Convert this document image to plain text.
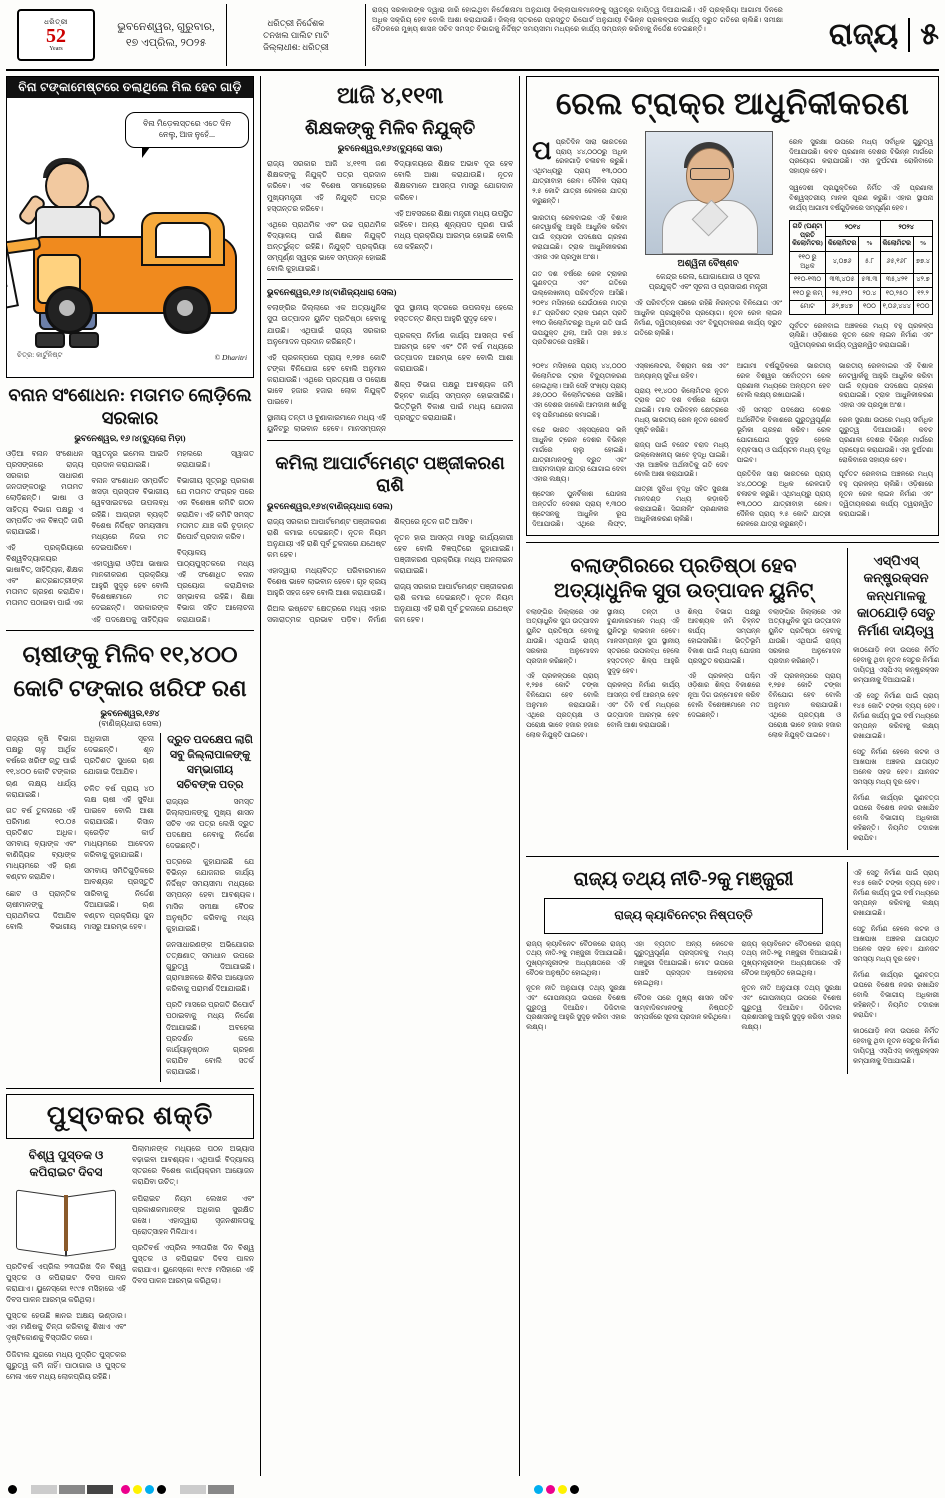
ଧରିତ୍ରୀ
52
Years
ଭୁବନେଶ୍ୱର, ଗୁରୁବାର,
୧୭ ଏପ୍ରିଲ, ୨୦୨୫
ଧରିତ୍ରୀ ନିର୍ଦ୍ଦେଶକ
ତନଖଲ ପାଲିଟ ମାଟି
ଜିଲ୍ଲାଧୀଶ: ଧରିତ୍ରୀ
ରାଜ୍ୟ ସରକାରଙ୍କ ଦ୍ୱାରା ଜାରି ହୋଇଥିବା ନିର୍ଦ୍ଦେଶନାମା ଅନୁଯାୟୀ ଜିଲ୍ଲାପାଳମାନଙ୍କୁ ସ୍ୱତନ୍ତ୍ର ଦାୟିତ୍ୱ ଦିଆଯାଇଛି। ଏହି ପ୍ରକ୍ରିୟା ଆଗାମୀ ଦିନରେ ଅଧିକ ସକ୍ରିୟ ହେବ ବୋଲି ଆଶା କରାଯାଉଛି। ଜିଲ୍ଲା ସ୍ତରରେ ପ୍ରସ୍ତୁତ ରିପୋର୍ଟ ଅନୁଯାୟୀ ବିଭିନ୍ନ ପ୍ରକଳ୍ପର କାର୍ଯ୍ୟ ଦ୍ରୁତ ଗତିରେ ଚାଲିଛି। ସମୀକ୍ଷା ବୈଠକରେ ମୁଖ୍ୟ ଶାସନ ସଚିବ ସମସ୍ତ ବିଭାଗକୁ ନିର୍ଦ୍ଦିଷ୍ଟ ସମୟସୀମା ମଧ୍ୟରେ କାର୍ଯ୍ୟ ସମ୍ପନ୍ନ କରିବାକୁ ନିର୍ଦ୍ଦେଶ ଦେଇଛନ୍ତି।	ରାଜ୍ୟ ୫
ବିନା ଟଙ୍କାମେଷ୍ଟରେ ତଲାଥିଲେ ମିଲ ହେବ ଗାଡ଼ି
ବିନା ମିଡ଼େଲସ୍ତରେ ଏତେ ଦିନ ନେଲୁ, ଆଜ ନୁହେଁ...
ଚିତ୍ର: କାର୍ଟୁନିଷ୍ଟ	© Dharitri
ବନାନ ସଂଶୋଧନ: ମତାମତ ଲୋଡ଼ିଲେ ସରକାର
ଭୁବନେଶ୍ୱର, ୧୬।୪(ବ୍ୟୁରୋ ମିଡ଼ା)

ଓଡ଼ିଆ ବନାନ ସଂଶୋଧନ ପ୍ରସଙ୍ଗରେ ରାଜ୍ୟ ସରକାର ସାଧାରଣ ଜନତାଙ୍କଠାରୁ ମତାମତ ଲୋଡ଼ିଛନ୍ତି। ଭାଷା ଓ ସାହିତ୍ୟ ବିଭାଗ ପକ୍ଷରୁ ଏ ସମ୍ପର୍କିତ ଏକ ବିଜ୍ଞପ୍ତି ଜାରି କରାଯାଇଛି।

ଏହି ପ୍ରକ୍ରିୟାରେ ବିଶ୍ୱବିଦ୍ୟାଳୟର ଭାଷାବିତ୍‌, ସାହିତ୍ୟିକ, ଶିକ୍ଷକ ଏବଂ ଛାତ୍ରଛାତ୍ରୀଙ୍କ ମତାମତ ଗ୍ରହଣ କରାଯିବ। ମତାମତ ପଠାଇବା ପାଇଁ ଏକ ସ୍ୱତନ୍ତ୍ର ଇମେଲ ଆଇଡି ପ୍ରଦାନ କରାଯାଇଛି।

ବନାନ ସଂଶୋଧନ ସମ୍ପର୍କିତ ଖସଡ଼ା ପ୍ରସ୍ତାବ ବିଭାଗୀୟ ୱେବସାଇଟରେ ଉପଲବ୍ଧ ରହିଛି। ଆଗ୍ରହୀ ବ୍ୟକ୍ତି ବିଶେଷ ନିର୍ଦ୍ଦିଷ୍ଟ ସମୟସୀମା ମଧ୍ୟରେ ନିଜର ମତ ଦେଇପାରିବେ।

ଏହାଦ୍ୱାରା ଓଡ଼ିଆ ଭାଷାର ମାନକୀକରଣ ପ୍ରକ୍ରିୟା ଆହୁରି ସୁଦୃଢ଼ ହେବ ବୋଲି ବିଶେଷଜ୍ଞମାନେ ମତ ଦେଇଛନ୍ତି। ସରକାରଙ୍କ ଏହି ପଦକ୍ଷେପକୁ ସାହିତ୍ୟିକ ମହଲରେ ସ୍ୱାଗତ କରାଯାଇଛି।

ବିଭାଗୀୟ ସୂତ୍ରରୁ ପ୍ରକାଶ ଯେ ମତାମତ ସଂଗ୍ରହ ପରେ ଏକ ବିଶେଷଜ୍ଞ କମିଟି ଗଠନ କରାଯିବ। ଏହି କମିଟି ସମସ୍ତ ମତାମତ ଯାଞ୍ଚ କରି ଚୂଡ଼ାନ୍ତ ରିପୋର୍ଟ ପ୍ରଦାନ କରିବ।

ବିଦ୍ୟାଳୟ ପାଠ୍ୟପୁସ୍ତକରେ ମଧ୍ୟ ଏହି ସଂଶୋଧିତ ବନାନ ପ୍ରୟୋଗ କରାଯିବାର ସମ୍ଭାବନା ରହିଛି। ଶିକ୍ଷା ବିଭାଗ ସହିତ ଆଲୋଚନା କରାଯାଉଛି।

ଚାଷୀଙ୍କୁ ମିଳିବ ୧୧,୪୦୦
କୋଟି ଟଙ୍କାର ଖରିଫ ରଣ
ଭୁବନେଶ୍ୱର,୧୬୪
(ବାଣିଜ୍ୟଧାରା ସେଲ)

ରାଜ୍ୟର କୃଷି ବିଭାଗ ପକ୍ଷରୁ ଚାଳୁ ଆର୍ଥିକ ବର୍ଷରେ ଖରିଫ ଋତୁ ପାଇଁ ୧୧,୪୦୦ କୋଟି ଟଙ୍କାର ଋଣ ଲକ୍ଷ୍ୟ ଧାର୍ଯ୍ୟ କରାଯାଇଛି।

ଗତ ବର୍ଷ ତୁଳନାରେ ଏହି ପରିମାଣ ୧୦.୦୫ ପ୍ରତିଶତ ଅଧିକ। ସମବାୟ ବ୍ୟାଙ୍କ ଏବଂ ବାଣିଜ୍ୟିକ ବ୍ୟାଙ୍କ ମାଧ୍ୟମରେ ଏହି ଋଣ ବଣ୍ଟନ କରାଯିବ।

ଛୋଟ ଓ ପ୍ରାନ୍ତିକ ଚାଷୀମାନଙ୍କୁ ପ୍ରାଥମିକତା ଦିଆଯିବ ବୋଲି ବିଭାଗୀୟ ଅଧିକାରୀ ସୂଚନା ଦେଇଛନ୍ତି। ଶୂନ ପ୍ରତିଶତ ସୁଧରେ ଋଣ ଯୋଗାଇ ଦିଆଯିବ।

ଚଳିତ ବର୍ଷ ପ୍ରାୟ ୪୦ ଲକ୍ଷ ଚାଷୀ ଏହି ସୁବିଧା ପାଇବେ ବୋଲି ଆଶା କରାଯାଉଛି। କିସାନ କ୍ରେଡ଼ିଟ କାର୍ଡ ମାଧ୍ୟମରେ ଆବେଦନ କରିବାକୁ କୁହାଯାଇଛି।

ସମବାୟ ସମିତିଗୁଡ଼ିକରେ ଆବଶ୍ୟକ ପ୍ରସ୍ତୁତି ସାରିବାକୁ ନିର୍ଦ୍ଦେଶ ଦିଆଯାଇଛି। ଋଣ ବଣ୍ଟନ ପ୍ରକ୍ରିୟା ଜୁନ ମାସରୁ ଆରମ୍ଭ ହେବ।

ଦ୍ରୁତ ପଦକ୍ଷେପ ଲାଗି ସବୁ ଜିଲ୍ଲାପାଳଙ୍କୁ ସମ୍ଭାଗୀୟ ସଚିବଙ୍କ ପତ୍ର

ରାଜ୍ୟର ସମସ୍ତ ଜିଲ୍ଲାପାଳଙ୍କୁ ମୁଖ୍ୟ ଶାସନ ସଚିବ ଏକ ପତ୍ର ଲେଖି ଦ୍ରୁତ ପଦକ୍ଷେପ ନେବାକୁ ନିର୍ଦ୍ଦେଶ ଦେଇଛନ୍ତି।

ପତ୍ରରେ କୁହାଯାଇଛି ଯେ ବିଭିନ୍ନ ଯୋଜନାର କାର୍ଯ୍ୟ ନିର୍ଦ୍ଦିଷ୍ଟ ସମୟସୀମା ମଧ୍ୟରେ ସମ୍ପନ୍ନ ହେବା ଆବଶ୍ୟକ। ମାସିକ ସମୀକ୍ଷା ବୈଠକ ଅନୁଷ୍ଠିତ କରିବାକୁ ମଧ୍ୟ କୁହାଯାଇଛି।

ଜନସାଧାରଣଙ୍କ ଅଭିଯୋଗର ତତ୍‌କ୍ଷଣାତ୍ ସମାଧାନ ଉପରେ ଗୁରୁତ୍ୱ ଦିଆଯାଇଛି। ଗ୍ରାମାଞ୍ଚଳରେ ଶିବିର ଆୟୋଜନ କରିବାକୁ ପରାମର୍ଶ ଦିଆଯାଇଛି।

ପ୍ରତି ମାସରେ ପ୍ରଗତି ରିପୋର୍ଟ ପଠାଇବାକୁ ମଧ୍ୟ ନିର୍ଦ୍ଦେଶ ଦିଆଯାଇଛି। ଅବହେଳା ପ୍ରଦର୍ଶନ କଲେ କାର୍ଯ୍ୟାନୁଷ୍ଠାନ ଗ୍ରହଣ କରାଯିବ ବୋଲି ସତର୍କ କରାଯାଇଛି।

ପୁସ୍ତକର ଶକ୍ତି
ବିଶ୍ୱ ପୁସ୍ତକ ଓ କପିରାଇଟ ଦିବସ

ପ୍ରତିବର୍ଷ ଏପ୍ରିଲ ୨୩ତାରିଖ ଦିନ ବିଶ୍ୱ ପୁସ୍ତକ ଓ କପିରାଇଟ ଦିବସ ପାଳନ କରାଯାଏ। ୟୁନେସ୍କୋ ୧୯୯୫ ମସିହାରେ ଏହି ଦିବସ ପାଳନ ଆରମ୍ଭ କରିଥିଲା।

ପୁସ୍ତକ ହେଉଛି ଜ୍ଞାନର ଅକ୍ଷୟ ଭଣ୍ଡାର। ଏହା ମଣିଷକୁ ଚିନ୍ତା କରିବାକୁ ଶିଖାଏ ଏବଂ ଦୃଷ୍ଟିକୋଣକୁ ବିସ୍ତାରିତ କରେ।

ଡିଜିଟାଲ ଯୁଗରେ ମଧ୍ୟ ମୁଦ୍ରିତ ପୁସ୍ତକର ଗୁରୁତ୍ୱ କମି ନାହିଁ। ପାଠାଗାର ଓ ପୁସ୍ତକ ମେଳା ଏବେ ମଧ୍ୟ ଲୋକପ୍ରିୟ ରହିଛି।

ପିଲାମାନଙ୍କ ମଧ୍ୟରେ ପଠନ ଅଭ୍ୟାସ ବଢ଼ାଇବା ଆବଶ୍ୟକ। ଏଥିପାଇଁ ବିଦ୍ୟାଳୟ ସ୍ତରରେ ବିଶେଷ କାର୍ଯ୍ୟକ୍ରମ ଆୟୋଜନ କରାଯିବା ଉଚିତ୍।

କପିରାଇଟ ନିୟମ ଲେଖକ ଏବଂ ପ୍ରକାଶକମାନଙ୍କ ଅଧିକାର ସୁରକ୍ଷିତ ରଖେ। ଏହାଦ୍ୱାରା ସୃଜନଶୀଳତାକୁ ପ୍ରୋତ୍ସାହନ ମିଳିଥାଏ।

ପ୍ରତିବର୍ଷ ଏପ୍ରିଲ ୨୩ତାରିଖ ଦିନ ବିଶ୍ୱ ପୁସ୍ତକ ଓ କପିରାଇଟ ଦିବସ ପାଳନ କରାଯାଏ। ୟୁନେସ୍କୋ ୧୯୯୫ ମସିହାରେ ଏହି ଦିବସ ପାଳନ ଆରମ୍ଭ କରିଥିଲା।

ଆଜି ୪,୧୧୩
ଶିକ୍ଷକଙ୍କୁ ମିଳିବ ନିଯୁକ୍ତି
ଭୁବନେଶ୍ୱର,୧୬୪(ବ୍ୟୁରୋ ସାର)

ରାଜ୍ୟ ସରକାର ଆଜି ୪,୧୧୩ ଜଣ ଶିକ୍ଷକଙ୍କୁ ନିଯୁକ୍ତି ପତ୍ର ପ୍ରଦାନ କରିବେ। ଏକ ବିଶେଷ ସମାରୋହରେ ମୁଖ୍ୟମନ୍ତ୍ରୀ ଏହି ନିଯୁକ୍ତି ପତ୍ର ହସ୍ତାନ୍ତର କରିବେ।

ଏଥିରେ ପ୍ରାଥମିକ ଏବଂ ଉଚ୍ଚ ପ୍ରାଥମିକ ବିଦ୍ୟାଳୟ ପାଇଁ ଶିକ୍ଷକ ନିଯୁକ୍ତି ଅନ୍ତର୍ଭୁକ୍ତ ରହିଛି। ନିଯୁକ୍ତି ପ୍ରକ୍ରିୟା ସମ୍ପୂର୍ଣ୍ଣ ସ୍ୱଚ୍ଛ ଭାବେ ସମ୍ପନ୍ନ ହୋଇଛି ବୋଲି କୁହାଯାଇଛି।

ବିଦ୍ୟାଳୟରେ ଶିକ୍ଷକ ଅଭାବ ଦୂର ହେବ ବୋଲି ଆଶା କରାଯାଉଛି। ନୂତନ ଶିକ୍ଷକମାନେ ଆସନ୍ତା ମାସରୁ ଯୋଗଦାନ କରିବେ।

ଏହି ଅବସରରେ ଶିକ୍ଷା ମନ୍ତ୍ରୀ ମଧ୍ୟ ଉପସ୍ଥିତ ରହିବେ। ଅନ୍ୟ ଶୂନ୍ୟପଦ ପୂରଣ ପାଇଁ ମଧ୍ୟ ପ୍ରକ୍ରିୟା ଆରମ୍ଭ ହୋଇଛି ବୋଲି ସେ କହିଛନ୍ତି।

ଭୁବନେଶ୍ୱର,୧୬।୪(ବାଣିଜ୍ୟଧାରା ସେଲ)

ବଲାଙ୍ଗିର ଜିଲ୍ଲାରେ ଏକ ଅତ୍ୟାଧୁନିକ ସୁତା ଉତ୍ପାଦନ ୟୁନିଟ ପ୍ରତିଷ୍ଠା ହେବାକୁ ଯାଉଛି। ଏଥିପାଇଁ ରାଜ୍ୟ ସରକାର ଅନୁମୋଦନ ପ୍ରଦାନ କରିଛନ୍ତି।

ଏହି ପ୍ରକଳ୍ପରେ ପ୍ରାୟ ୧,୨୭୫ କୋଟି ଟଙ୍କା ବିନିଯୋଗ ହେବ ବୋଲି ଅନୁମାନ କରାଯାଉଛି। ଏଥିରେ ପ୍ରତ୍ୟକ୍ଷ ଓ ପରୋକ୍ଷ ଭାବେ ହଜାର ହଜାର ଲୋକ ନିଯୁକ୍ତି ପାଇବେ।

ସ୍ଥାନୀୟ ତନ୍ତୀ ଓ ବୁଣାକାରମାନେ ମଧ୍ୟ ଏହି ୟୁନିଟରୁ ଲାଭବାନ ହେବେ। ମାନସମ୍ପନ୍ନ ସୁତା ସ୍ଥାନୀୟ ସ୍ତରରେ ଉପଲବ୍ଧ ହେଲେ ହସ୍ତତନ୍ତ ଶିଳ୍ପ ଆହୁରି ସୁଦୃଢ଼ ହେବ।

ପ୍ରକଳ୍ପ ନିର୍ମାଣ କାର୍ଯ୍ୟ ଆସନ୍ତା ବର୍ଷ ଆରମ୍ଭ ହେବ ଏବଂ ତିନି ବର୍ଷ ମଧ୍ୟରେ ଉତ୍ପାଦନ ଆରମ୍ଭ ହେବ ବୋଲି ଆଶା କରାଯାଉଛି।

ଶିଳ୍ପ ବିଭାଗ ପକ୍ଷରୁ ଆବଶ୍ୟକ ଜମି ଚିହ୍ନଟ କାର୍ଯ୍ୟ ସମ୍ପନ୍ନ ହୋଇସାରିଛି। ଭିତ୍ତିଭୂମି ବିକାଶ ପାଇଁ ମଧ୍ୟ ଯୋଜନା ପ୍ରସ୍ତୁତ କରାଯାଇଛି।

କମିଲା ଆପାର୍ଟମେଣ୍ଟ ପଞ୍ଜୀକରଣ ରାଶି
ଭୁବନେଶ୍ୱର,୧୬୪(ବାଣିଜ୍ୟଧାରା ସେଲ)

ରାଜ୍ୟ ସରକାର ଆପାର୍ଟମେଣ୍ଟ ପଞ୍ଜୀକରଣ ରାଶି କମାଇ ଦେଇଛନ୍ତି। ନୂତନ ନିୟମ ଅନୁଯାୟୀ ଏହି ରାଶି ପୂର୍ବ ତୁଳନାରେ ଯଥେଷ୍ଟ କମ ହେବ।

ଏହାଦ୍ୱାରା ମଧ୍ୟବିତ୍ତ ପରିବାରମାନେ ବିଶେଷ ଭାବେ ଲାଭବାନ ହେବେ। ଗୃହ କ୍ରୟ ଆହୁରି ସହଜ ହେବ ବୋଲି ଆଶା କରାଯାଉଛି।

ରିଅଲ ଇଷ୍ଟେଟ କ୍ଷେତ୍ରରେ ମଧ୍ୟ ଏହାର ସକାରାତ୍ମକ ପ୍ରଭାବ ପଡ଼ିବ। ନିର୍ମାଣ ଶିଳ୍ପରେ ନୂତନ ଗତି ଆସିବ।

ନୂତନ ହାର ଆସନ୍ତା ମାସରୁ କାର୍ଯ୍ୟକାରୀ ହେବ ବୋଲି ବିଜ୍ଞପ୍ତିରେ କୁହାଯାଇଛି। ପଞ୍ଜୀକରଣ ପ୍ରକ୍ରିୟା ମଧ୍ୟ ଅନଲାଇନ କରାଯାଇଛି।

ରାଜ୍ୟ ସରକାର ଆପାର୍ଟମେଣ୍ଟ ପଞ୍ଜୀକରଣ ରାଶି କମାଇ ଦେଇଛନ୍ତି। ନୂତନ ନିୟମ ଅନୁଯାୟୀ ଏହି ରାଶି ପୂର୍ବ ତୁଳନାରେ ଯଥେଷ୍ଟ କମ ହେବ।

ରେଲ ଟ୍ରାକ୍‌ର ଆଧୁନିକୀକରଣ

ପପ୍ରତିଦିନ ସାରା ଭାରତରେ ପ୍ରାୟ ୪୪,୦୦୦ରୁ ଅଧିକ ରେଳଗାଡ଼ି ଚଳାଚଳ କରୁଛି। ଏଥିମଧ୍ୟରୁ ପ୍ରାୟ ୧୩,୦୦୦ ଯାତ୍ରୀବାହୀ ରେଳ। ଦୈନିକ ପ୍ରାୟ ୨.୫ କୋଟି ଯାତ୍ରୀ ରେଳରେ ଯାତ୍ରା କରୁଛନ୍ତି।

ଭାରତୀୟ ରେଳବାଇର ଏହି ବିଶାଳ ନେଟୱାର୍କକୁ ଆହୁରି ଆଧୁନିକ କରିବା ପାଇଁ ବ୍ୟାପକ ପଦକ୍ଷେପ ଗ୍ରହଣ କରାଯାଇଛି। ଟ୍ରାକ ଆଧୁନିକୀକରଣ ଏହାର ଏକ ପ୍ରମୁଖ ଅଂଶ।

ଗତ ଦଶ ବର୍ଷରେ ରେଳ ଟ୍ରାକର ଗୁଣବତ୍ତା ଏବଂ ଗତିରେ ଉଲ୍ଲେଖନୀୟ ପରିବର୍ତ୍ତନ ଆସିଛି। ୨୦୧୪ ମସିହାରେ ଯେଉଁଠାରେ ମାତ୍ର ୫.୮ ପ୍ରତିଶତ ଟ୍ରାକ ଘଣ୍ଟା ପ୍ରତି ୧୩୦ କିଲୋମିଟରରୁ ଅଧିକ ଗତି ପାଇଁ ଉପଯୁକ୍ତ ଥିଲା, ଆଜି ତାହା ୭୭.୪ ପ୍ରତିଶତରେ ପହଞ୍ଚିଛି।

ଅଶ୍ୱିନୀ ବୈଷ୍ଣବ
କେନ୍ଦ୍ର ରେଲ, ଯୋଗାଯୋଗ ଓ ସୂଚନା ପ୍ରଯୁକ୍ତି ଏବଂ ସୂଚନା ଓ ପ୍ରସାରଣ ମନ୍ତ୍ରୀ

ଏହି ପରିବର୍ତ୍ତନ ପଛରେ ରହିଛି ନିରନ୍ତର ବିନିଯୋଗ ଏବଂ ଆଧୁନିକ ପ୍ରଯୁକ୍ତିର ପ୍ରୟୋଗ। ନୂତନ ରେଳ ଲାଇନ ନିର୍ମାଣ, ଦ୍ୱିତୀୟକରଣ ଏବଂ ବିଦ୍ୟୁତୀକରଣ କାର୍ଯ୍ୟ ଦ୍ରୁତ ଗତିରେ ଚାଲିଛି।

ରେଳ ସୁରକ୍ଷା ଉପରେ ମଧ୍ୟ ସର୍ବାଧିକ ଗୁରୁତ୍ୱ ଦିଆଯାଉଛି। କବଚ ପ୍ରଣାଳୀ ଦେଶର ବିଭିନ୍ନ ମାର୍ଗରେ ପ୍ରୟୋଗ କରାଯାଉଛି। ଏହା ଦୁର୍ଘଟଣା ରୋକିବାରେ ସହାୟକ ହେବ।

ସ୍ୱଦେଶୀ ପ୍ରଯୁକ୍ତିରେ ନିର୍ମିତ ଏହି ପ୍ରଣାଳୀ ବିଶ୍ୱସ୍ତରୀୟ ମାନକ ପୂରଣ କରୁଛି। ଏହାର ସ୍ଥାପନା କାର୍ଯ୍ୟ ଆଗାମୀ ବର୍ଷଗୁଡ଼ିକରେ ସମ୍ପୂର୍ଣ୍ଣ ହେବ।

ଗତି (ଘଣ୍ଟା ପ୍ରତି କିଲୋମିଟର)	୨୦୧୪		୨୦୨୪	
	କିଲୋମିଟର	%	କିଲୋମିଟର	%
୧୧୦ ରୁ ଅଧିକ	୪,୦୭୬	୫.୮	୬୫,୧୬୮	୭୭.୪
୧୧୦-୧୩୦	୩୩,୪୦୫	୫୩.୩	୩୫,୪୨୧	୪୨.୭
୧୧୦ ରୁ କମ୍	୨୫,୧୨୦	୨୦.୪	୧୦,୨୫୦	୧୨.୨
ମୋଟ	୬୨,୭୪୭	୧୦୦	୧,୦୬,୪୪୪	୧୦୦

ପୂର୍ବତଟ ରେଳବାଇ ଅଞ୍ଚଳରେ ମଧ୍ୟ ବହୁ ପ୍ରକଳ୍ପ ଚାଲିଛି। ଓଡ଼ିଶାରେ ନୂତନ ରେଳ ଲାଇନ ନିର୍ମାଣ ଏବଂ ଦ୍ୱିତୀୟକରଣ କାର୍ଯ୍ୟ ତ୍ୱରାନ୍ୱିତ କରାଯାଇଛି।

୨୦୧୪ ମସିହାରେ ପ୍ରାୟ ୪୪,୦୦୦ କିଲୋମିଟର ଟ୍ରାକ ବିଦ୍ୟୁତୀକରଣ ହୋଇଥିଲା। ଆଜି ସେହି ସଂଖ୍ୟା ପ୍ରାୟ ୬୭,୦୦୦ କିଲୋମିଟରରେ ପହଞ୍ଚିଛି। ଏହା ଦେଶର ଜାଳେଣି ଆମଦାନୀ ଖର୍ଚ୍ଚକୁ ବହୁ ପରିମାଣରେ କମାଇଛି।

ବନ୍ଦେ ଭାରତ ଏକ୍ସପ୍ରେସ ଭଳି ଆଧୁନିକ ଟ୍ରେନ ଦେଶର ବିଭିନ୍ନ ମାର୍ଗରେ ଚାଲୁ ହୋଇଛି। ଯାତ୍ରୀମାନଙ୍କୁ ଦ୍ରୁତ ଏବଂ ଆରାମଦାୟକ ଯାତ୍ରା ଯୋଗାଇ ଦେବା ଏହାର ଲକ୍ଷ୍ୟ।

ଷ୍ଟେସନ ପୁନର୍ବିକାଶ ଯୋଜନା ଅନ୍ତର୍ଗତ ଦେଶର ପ୍ରାୟ ୧,୩୦୦ ଷ୍ଟେସନକୁ ଆଧୁନିକ ରୂପ ଦିଆଯାଉଛି। ଏଥିରେ ଲିଫ୍ଟ, ଏସ୍କାଲେଟର, ବିଶ୍ରାମ କକ୍ଷ ଏବଂ ଅନ୍ୟାନ୍ୟ ସୁବିଧା ରହିବ।

ପ୍ରାୟ ୧୧,୪୦୦ କିଲୋମିଟର ନୂତନ ଟ୍ରାକ ଗତ ଦଶ ବର୍ଷରେ ଯୋଡ଼ା ଯାଇଛି। ମାଲ ପରିବହନ କ୍ଷେତ୍ରରେ ମଧ୍ୟ ଭାରତୀୟ ରେଳ ନୂତନ ରେକର୍ଡ ସୃଷ୍ଟି କରିଛି।

ରାଜ୍ୟ ପାଇଁ ବଜେଟ ବରାଦ ମଧ୍ୟ ଉଲ୍ଲେଖନୀୟ ଭାବେ ବୃଦ୍ଧି ପାଇଛି। ଏହା ଆଞ୍ଚଳିକ ଅର୍ଥନୀତିକୁ ଗତି ଦେବ ବୋଲି ଆଶା କରାଯାଉଛି।

ଯାତ୍ରୀ ସୁବିଧା ବୃଦ୍ଧି ସହିତ ସୁରକ୍ଷା ମାନଦଣ୍ଡ ମଧ୍ୟ କଡ଼ାକଡ଼ି କରାଯାଇଛି। ସିଗନାଲିଂ ପ୍ରଣାଳୀର ଆଧୁନିକୀକରଣ ଚାଲିଛି।

ଆଗାମୀ ବର୍ଷଗୁଡ଼ିକରେ ଭାରତୀୟ ରେଳ ବିଶ୍ୱର ସର୍ବୋତ୍ତମ ରେଳ ପ୍ରଣାଳୀ ମଧ୍ୟରେ ଅନ୍ୟତମ ହେବ ବୋଲି ଲକ୍ଷ୍ୟ ରଖାଯାଇଛି।

ଏହି ସମସ୍ତ ପଦକ୍ଷେପ ଦେଶର ଅର୍ଥନୈତିକ ବିକାଶରେ ଗୁରୁତ୍ୱପୂର୍ଣ୍ଣ ଭୂମିକା ଗ୍ରହଣ କରିବ। ରେଳ ଯୋଗାଯୋଗ ସୁଦୃଢ଼ ହେଲେ ବ୍ୟବସାୟ ଓ ପର୍ଯ୍ୟଟନ ମଧ୍ୟ ବୃଦ୍ଧି ପାଇବ।

ପ୍ରତିଦିନ ସାରା ଭାରତରେ ପ୍ରାୟ ୪୪,୦୦୦ରୁ ଅଧିକ ରେଳଗାଡ଼ି ଚଳାଚଳ କରୁଛି। ଏଥିମଧ୍ୟରୁ ପ୍ରାୟ ୧୩,୦୦୦ ଯାତ୍ରୀବାହୀ ରେଳ। ଦୈନିକ ପ୍ରାୟ ୨.୫ କୋଟି ଯାତ୍ରୀ ରେଳରେ ଯାତ୍ରା କରୁଛନ୍ତି।

ଭାରତୀୟ ରେଳବାଇର ଏହି ବିଶାଳ ନେଟୱାର୍କକୁ ଆହୁରି ଆଧୁନିକ କରିବା ପାଇଁ ବ୍ୟାପକ ପଦକ୍ଷେପ ଗ୍ରହଣ କରାଯାଇଛି। ଟ୍ରାକ ଆଧୁନିକୀକରଣ ଏହାର ଏକ ପ୍ରମୁଖ ଅଂଶ।

ରେଳ ସୁରକ୍ଷା ଉପରେ ମଧ୍ୟ ସର୍ବାଧିକ ଗୁରୁତ୍ୱ ଦିଆଯାଉଛି। କବଚ ପ୍ରଣାଳୀ ଦେଶର ବିଭିନ୍ନ ମାର୍ଗରେ ପ୍ରୟୋଗ କରାଯାଉଛି। ଏହା ଦୁର୍ଘଟଣା ରୋକିବାରେ ସହାୟକ ହେବ।

ପୂର୍ବତଟ ରେଳବାଇ ଅଞ୍ଚଳରେ ମଧ୍ୟ ବହୁ ପ୍ରକଳ୍ପ ଚାଲିଛି। ଓଡ଼ିଶାରେ ନୂତନ ରେଳ ଲାଇନ ନିର୍ମାଣ ଏବଂ ଦ୍ୱିତୀୟକରଣ କାର୍ଯ୍ୟ ତ୍ୱରାନ୍ୱିତ କରାଯାଇଛି।

ବଲାଙ୍ଗିରରେ ପ୍ରତିଷ୍ଠା ହେବ ଅତ୍ୟାଧୁନିକ ସୁତା ଉତ୍ପାଦନ ୟୁନିଟ୍

ବଲାଙ୍ଗିର ଜିଲ୍ଲାରେ ଏକ ଅତ୍ୟାଧୁନିକ ସୁତା ଉତ୍ପାଦନ ୟୁନିଟ ପ୍ରତିଷ୍ଠା ହେବାକୁ ଯାଉଛି। ଏଥିପାଇଁ ରାଜ୍ୟ ସରକାର ଅନୁମୋଦନ ପ୍ରଦାନ କରିଛନ୍ତି।

ଏହି ପ୍ରକଳ୍ପରେ ପ୍ରାୟ ୧,୨୭୫ କୋଟି ଟଙ୍କା ବିନିଯୋଗ ହେବ ବୋଲି ଅନୁମାନ କରାଯାଉଛି। ଏଥିରେ ପ୍ରତ୍ୟକ୍ଷ ଓ ପରୋକ୍ଷ ଭାବେ ହଜାର ହଜାର ଲୋକ ନିଯୁକ୍ତି ପାଇବେ।

ସ୍ଥାନୀୟ ତନ୍ତୀ ଓ ବୁଣାକାରମାନେ ମଧ୍ୟ ଏହି ୟୁନିଟରୁ ଲାଭବାନ ହେବେ। ମାନସମ୍ପନ୍ନ ସୁତା ସ୍ଥାନୀୟ ସ୍ତରରେ ଉପଲବ୍ଧ ହେଲେ ହସ୍ତତନ୍ତ ଶିଳ୍ପ ଆହୁରି ସୁଦୃଢ଼ ହେବ।

ପ୍ରକଳ୍ପ ନିର୍ମାଣ କାର୍ଯ୍ୟ ଆସନ୍ତା ବର୍ଷ ଆରମ୍ଭ ହେବ ଏବଂ ତିନି ବର୍ଷ ମଧ୍ୟରେ ଉତ୍ପାଦନ ଆରମ୍ଭ ହେବ ବୋଲି ଆଶା କରାଯାଉଛି।

ଶିଳ୍ପ ବିଭାଗ ପକ୍ଷରୁ ଆବଶ୍ୟକ ଜମି ଚିହ୍ନଟ କାର୍ଯ୍ୟ ସମ୍ପନ୍ନ ହୋଇସାରିଛି। ଭିତ୍ତିଭୂମି ବିକାଶ ପାଇଁ ମଧ୍ୟ ଯୋଜନା ପ୍ରସ୍ତୁତ କରାଯାଇଛି।

ଏହି ପ୍ରକଳ୍ପ ପଶ୍ଚିମ ଓଡ଼ିଶାର ଶିଳ୍ପ ବିକାଶରେ ନୂଆ ଦିଗ ଉନ୍ମୋଚନ କରିବ ବୋଲି ବିଶେଷଜ୍ଞମାନେ ମତ ଦେଇଛନ୍ତି।

ବଲାଙ୍ଗିର ଜିଲ୍ଲାରେ ଏକ ଅତ୍ୟାଧୁନିକ ସୁତା ଉତ୍ପାଦନ ୟୁନିଟ ପ୍ରତିଷ୍ଠା ହେବାକୁ ଯାଉଛି। ଏଥିପାଇଁ ରାଜ୍ୟ ସରକାର ଅନୁମୋଦନ ପ୍ରଦାନ କରିଛନ୍ତି।

ଏହି ପ୍ରକଳ୍ପରେ ପ୍ରାୟ ୧,୨୭୫ କୋଟି ଟଙ୍କା ବିନିଯୋଗ ହେବ ବୋଲି ଅନୁମାନ କରାଯାଉଛି। ଏଥିରେ ପ୍ରତ୍ୟକ୍ଷ ଓ ପରୋକ୍ଷ ଭାବେ ହଜାର ହଜାର ଲୋକ ନିଯୁକ୍ତି ପାଇବେ।

ଏସ୍‌ପିଏସ୍ କନ୍‌ଷ୍ଟ୍ରକ୍‌ସନ କନ୍ଧମାଳକୁ କାଠଯୋଡ଼ି ସେତୁ ନିର୍ମାଣ ଦାୟିତ୍ୱ

କାଠଯୋଡ଼ି ନଦୀ ଉପରେ ନିର୍ମିତ ହେବାକୁ ଥିବା ନୂତନ ସେତୁର ନିର୍ମାଣ ଦାୟିତ୍ୱ ଏସ୍‌ପିଏସ୍ କନ୍‌ଷ୍ଟ୍ରକ୍‌ସନ କମ୍ପାନୀକୁ ଦିଆଯାଇଛି।

ଏହି ସେତୁ ନିର୍ମାଣ ପାଇଁ ପ୍ରାୟ ୧୪୫ କୋଟି ଟଙ୍କା ବ୍ୟୟ ହେବ। ନିର୍ମାଣ କାର୍ଯ୍ୟ ଦୁଇ ବର୍ଷ ମଧ୍ୟରେ ସମ୍ପନ୍ନ କରିବାକୁ ଲକ୍ଷ୍ୟ ରଖାଯାଇଛି।

ସେତୁ ନିର୍ମାଣ ହେଲେ କଟକ ଓ ଆଖପାଖ ଅଞ୍ଚଳର ଯାତାୟାତ ଅନେକ ସହଜ ହେବ। ଯାନଜଟ ସମସ୍ୟା ମଧ୍ୟ ଦୂର ହେବ।

ନିର୍ମାଣ କାର୍ଯ୍ୟର ଗୁଣବତ୍ତା ଉପରେ ବିଶେଷ ନଜର ରଖାଯିବ ବୋଲି ବିଭାଗୀୟ ଅଧିକାରୀ କହିଛନ୍ତି। ନିୟମିତ ତଦାରଖ କରାଯିବ।

ରାଜ୍ୟ ତଥ୍ୟ ନୀତି-୨କୁ ମଞ୍ଜୁରୀ
ରାଜ୍ୟ କ୍ୟାବିନେଟ୍‌ର ନିଷ୍ପତ୍ତି

ରାଜ୍ୟ କ୍ୟାବିନେଟ ବୈଠକରେ ରାଜ୍ୟ ତଥ୍ୟ ନୀତି-୨କୁ ମଞ୍ଜୁରୀ ଦିଆଯାଇଛି। ମୁଖ୍ୟମନ୍ତ୍ରୀଙ୍କ ଅଧ୍ୟକ୍ଷତାରେ ଏହି ବୈଠକ ଅନୁଷ୍ଠିତ ହୋଇଥିଲା।

ନୂତନ ନୀତି ଅନୁଯାୟୀ ତଥ୍ୟ ସୁରକ୍ଷା ଏବଂ ଗୋପନୀୟତା ଉପରେ ବିଶେଷ ଗୁରୁତ୍ୱ ଦିଆଯିବ। ଡିଜିଟାଲ ପ୍ରଶାସନକୁ ଆହୁରି ସୁଦୃଢ଼ କରିବା ଏହାର ଲକ୍ଷ୍ୟ।

ଏହା ବ୍ୟତୀତ ଅନ୍ୟ କେତେକ ଗୁରୁତ୍ୱପୂର୍ଣ୍ଣ ପ୍ରସ୍ତାବକୁ ମଧ୍ୟ ମଞ୍ଜୁରୀ ଦିଆଯାଇଛି। ମୋଟ ଉପରେ ପାଞ୍ଚଟି ପ୍ରସ୍ତାବ ଆଲୋଚନା ହୋଇଥିଲା।

ବୈଠକ ପରେ ମୁଖ୍ୟ ଶାସନ ସଚିବ ସାମ୍ବାଦିକମାନଙ୍କୁ ନିଷ୍ପତ୍ତି ସମ୍ପର୍କରେ ସୂଚନା ପ୍ରଦାନ କରିଥିଲେ।

ରାଜ୍ୟ କ୍ୟାବିନେଟ ବୈଠକରେ ରାଜ୍ୟ ତଥ୍ୟ ନୀତି-୨କୁ ମଞ୍ଜୁରୀ ଦିଆଯାଇଛି। ମୁଖ୍ୟମନ୍ତ୍ରୀଙ୍କ ଅଧ୍ୟକ୍ଷତାରେ ଏହି ବୈଠକ ଅନୁଷ୍ଠିତ ହୋଇଥିଲା।

ନୂତନ ନୀତି ଅନୁଯାୟୀ ତଥ୍ୟ ସୁରକ୍ଷା ଏବଂ ଗୋପନୀୟତା ଉପରେ ବିଶେଷ ଗୁରୁତ୍ୱ ଦିଆଯିବ। ଡିଜିଟାଲ ପ୍ରଶାସନକୁ ଆହୁରି ସୁଦୃଢ଼ କରିବା ଏହାର ଲକ୍ଷ୍ୟ।

ଏହି ସେତୁ ନିର୍ମାଣ ପାଇଁ ପ୍ରାୟ ୧୪୫ କୋଟି ଟଙ୍କା ବ୍ୟୟ ହେବ। ନିର୍ମାଣ କାର୍ଯ୍ୟ ଦୁଇ ବର୍ଷ ମଧ୍ୟରେ ସମ୍ପନ୍ନ କରିବାକୁ ଲକ୍ଷ୍ୟ ରଖାଯାଇଛି।

ସେତୁ ନିର୍ମାଣ ହେଲେ କଟକ ଓ ଆଖପାଖ ଅଞ୍ଚଳର ଯାତାୟାତ ଅନେକ ସହଜ ହେବ। ଯାନଜଟ ସମସ୍ୟା ମଧ୍ୟ ଦୂର ହେବ।

ନିର୍ମାଣ କାର୍ଯ୍ୟର ଗୁଣବତ୍ତା ଉପରେ ବିଶେଷ ନଜର ରଖାଯିବ ବୋଲି ବିଭାଗୀୟ ଅଧିକାରୀ କହିଛନ୍ତି। ନିୟମିତ ତଦାରଖ କରାଯିବ।

କାଠଯୋଡ଼ି ନଦୀ ଉପରେ ନିର୍ମିତ ହେବାକୁ ଥିବା ନୂତନ ସେତୁର ନିର୍ମାଣ ଦାୟିତ୍ୱ ଏସ୍‌ପିଏସ୍ କନ୍‌ଷ୍ଟ୍ରକ୍‌ସନ କମ୍ପାନୀକୁ ଦିଆଯାଇଛି।
